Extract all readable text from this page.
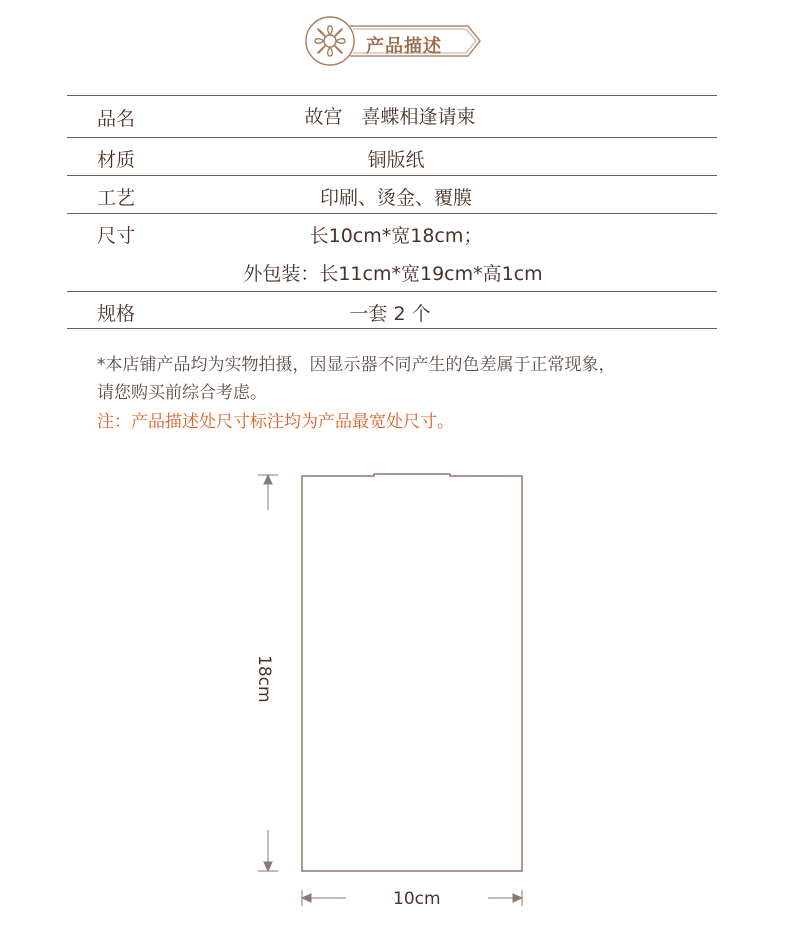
产品描述
品名	故宫　喜蝶相逢请柬
材质	铜版纸
工艺	印刷、烫金、覆膜
尺寸	长10cm*宽18cm；
外包装：长11cm*宽19cm*高1cm
规格	一套 2 个
*本店铺产品均为实物拍摄，因显示器不同产生的色差属于正常现象，
请您购买前综合考虑。
注：产品描述处尺寸标注均为产品最宽处尺寸。
18cm
10cm
